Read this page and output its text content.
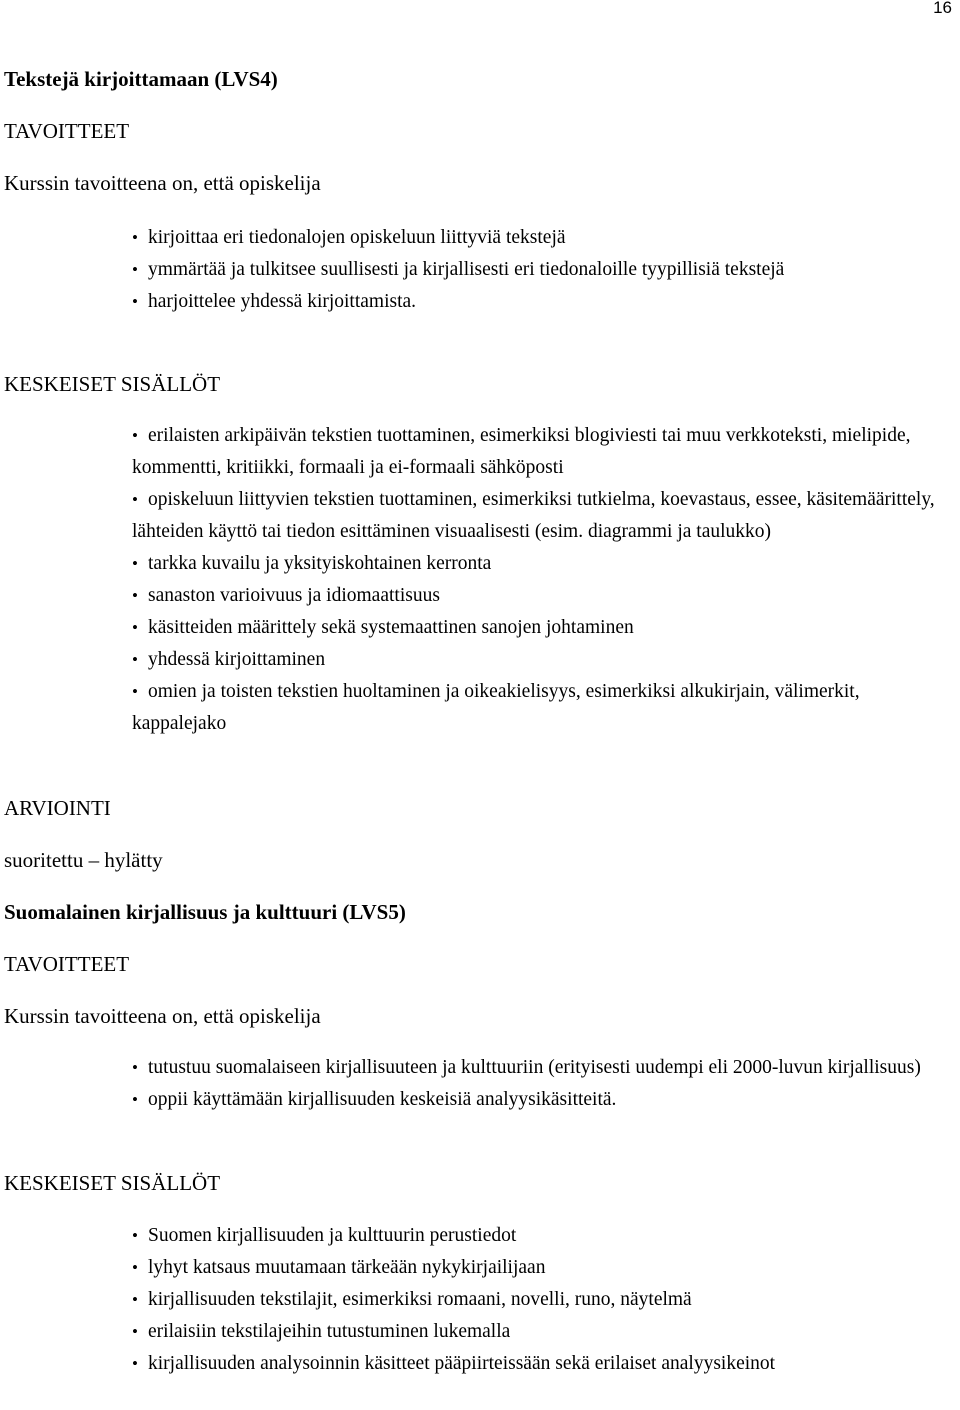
16
Tekstejä kirjoittamaan (LVS4)
TAVOITTEET
Kurssin tavoitteena on, että opiskelija
• kirjoittaa eri tiedonalojen opiskeluun liittyviä tekstejä
• ymmärtää ja tulkitsee suullisesti ja kirjallisesti eri tiedonaloille tyypillisiä tekstejä
• harjoittelee yhdessä kirjoittamista.
KESKEISET SISÄLLÖT
• erilaisten arkipäivän tekstien tuottaminen, esimerkiksi blogiviesti tai muu verkkoteksti, mielipide, kommentti, kritiikki, formaali ja ei-formaali sähköposti
• opiskeluun liittyvien tekstien tuottaminen, esimerkiksi tutkielma, koevastaus, essee, käsitemäärittely, lähteiden käyttö tai tiedon esittäminen visuaalisesti (esim. diagrammi ja taulukko)
• tarkka kuvailu ja yksityiskohtainen kerronta
• sanaston varioivuus ja idiomaattisuus
• käsitteiden määrittely sekä systemaattinen sanojen johtaminen
• yhdessä kirjoittaminen
• omien ja toisten tekstien huoltaminen ja oikeakielisyys, esimerkiksi alkukirjain, välimerkit, kappalejako
ARVIOINTI
suoritettu – hylätty
Suomalainen kirjallisuus ja kulttuuri (LVS5)
TAVOITTEET
Kurssin tavoitteena on, että opiskelija
• tutustuu suomalaiseen kirjallisuuteen ja kulttuuriin (erityisesti uudempi eli 2000-luvun kirjallisuus)
• oppii käyttämään kirjallisuuden keskeisiä analyysikäsitteitä.
KESKEISET SISÄLLÖT
• Suomen kirjallisuuden ja kulttuurin perustiedot
• lyhyt katsaus muutamaan tärkeään nykykirjailijaan
• kirjallisuuden tekstilajit, esimerkiksi romaani, novelli, runo, näytelmä
• erilaisiin tekstilajeihin tutustuminen lukemalla
• kirjallisuuden analysoinnin käsitteet pääpiirteissään sekä erilaiset analyysikeinot
